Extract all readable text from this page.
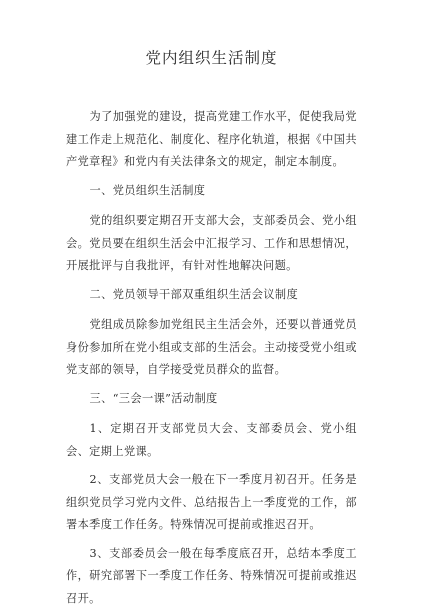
党内组织生活制度

为了加强党的建设，提高党建工作水平，促使我局党建工作走上规范化、制度化、程序化轨道，根据《中国共产党章程》和党内有关法律条文的规定，制定本制度。

一、党员组织生活制度

党的组织要定期召开支部大会，支部委员会、党小组会。党员要在组织生活会中汇报学习、工作和思想情况，开展批评与自我批评，有针对性地解决问题。

二、党员领导干部双重组织生活会议制度

党组成员除参加党组民主生活会外，还要以普通党员身份参加所在党小组或支部的生活会。主动接受党小组或党支部的领导，自学接受党员群众的监督。

三、“三会一课”活动制度

1、定期召开支部党员大会、支部委员会、党小组会、定期上党课。

2、支部党员大会一般在下一季度月初召开。任务是组织党员学习党内文件、总结报告上一季度党的工作，部署本季度工作任务。特殊情况可提前或推迟召开。

3、支部委员会一般在每季度底召开，总结本季度工作，研究部署下一季度工作任务、特殊情况可提前或推迟召开。
